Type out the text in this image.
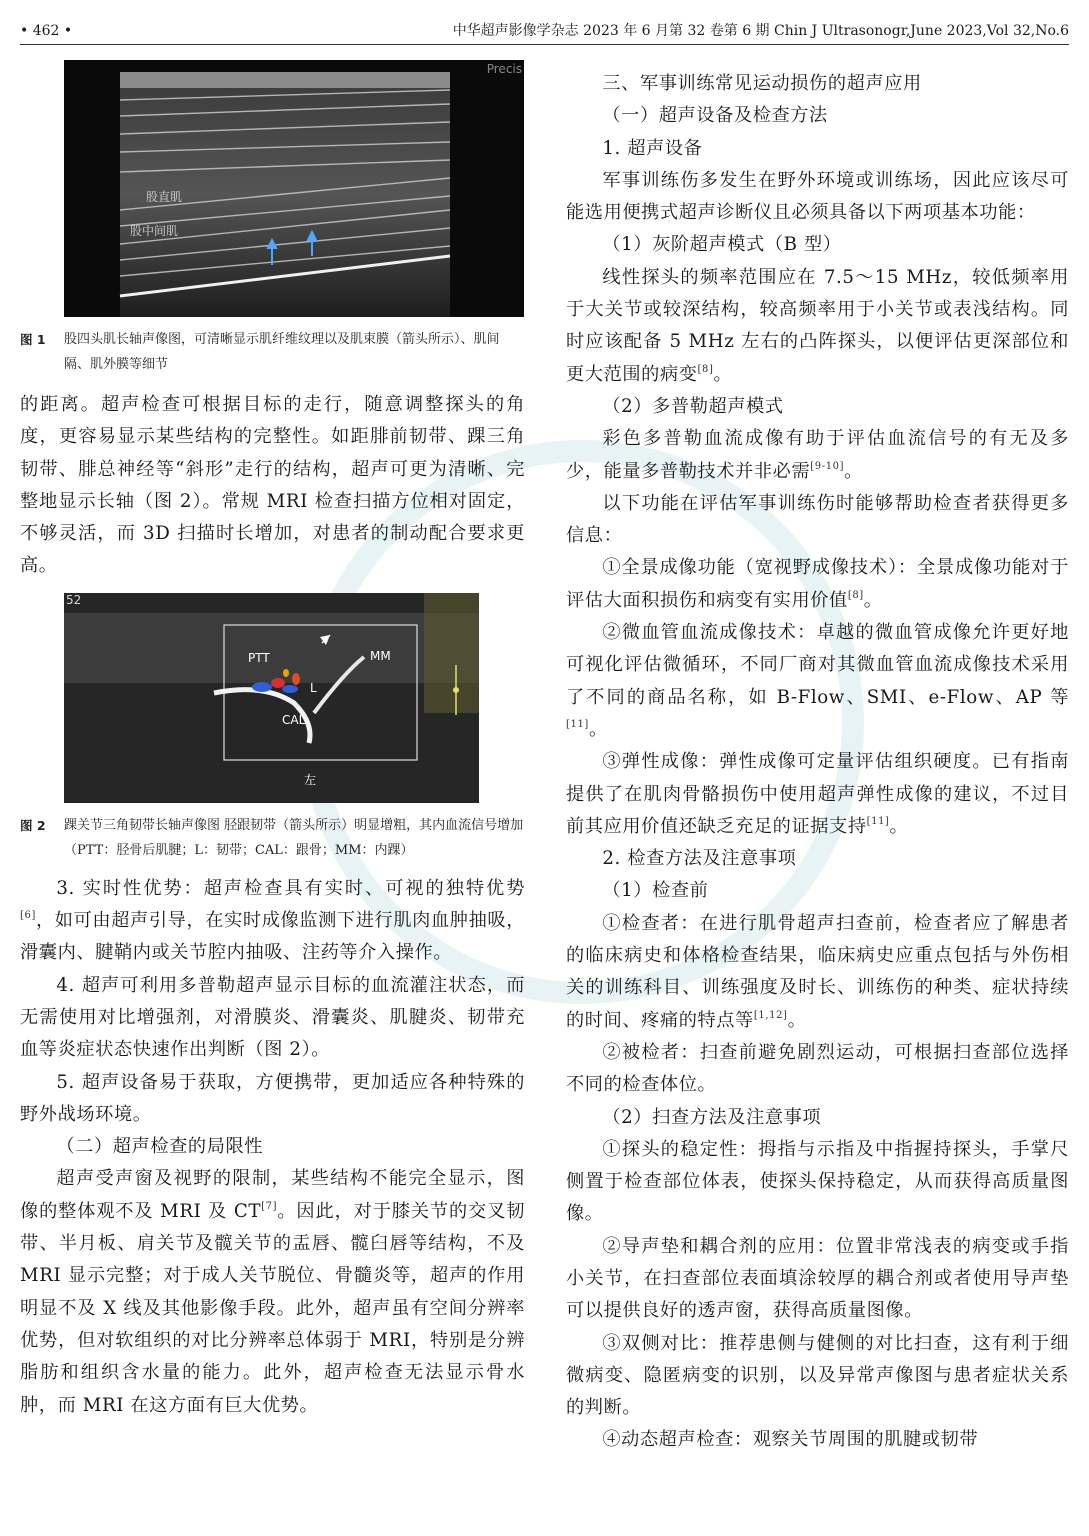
• 462 •	中华超声影像学杂志 2023 年 6 月第 32 卷第 6 期 Chin J Ultrasonogr,June 2023,Vol 32,No.6
Precis
股直肌
股中间肌
图 1 股四头肌长轴声像图，可清晰显示肌纤维纹理以及肌束膜（箭头所示）、肌间隔、肌外膜等细节

的距离。超声检查可根据目标的走行，随意调整探头的角度，更容易显示某些结构的完整性。如距腓前韧带、踝三角韧带、腓总神经等“斜形”走行的结构，超声可更为清晰、完整地显示长轴（图 2）。常规 MRI 检查扫描方位相对固定，不够灵活，而 3D 扫描时长增加，对患者的制动配合要求更高。

52
PTT
L
MM
CAL
左
图 2 踝关节三角韧带长轴声像图 胫跟韧带（箭头所示）明显增粗，其内血流信号增加（PTT：胫骨后肌腱；L：韧带；CAL：跟骨；MM：内踝）

3. 实时性优势：超声检查具有实时、可视的独特优势[6]，如可由超声引导，在实时成像监测下进行肌肉血肿抽吸，滑囊内、腱鞘内或关节腔内抽吸、注药等介入操作。

4. 超声可利用多普勒超声显示目标的血流灌注状态，而无需使用对比增强剂，对滑膜炎、滑囊炎、肌腱炎、韧带充血等炎症状态快速作出判断（图 2）。

5. 超声设备易于获取，方便携带，更加适应各种特殊的野外战场环境。

（二）超声检查的局限性

超声受声窗及视野的限制，某些结构不能完全显示，图像的整体观不及 MRI 及 CT[7]。因此，对于膝关节的交叉韧带、半月板、肩关节及髋关节的盂唇、髋臼唇等结构，不及 MRI 显示完整；对于成人关节脱位、骨髓炎等，超声的作用明显不及 X 线及其他影像手段。此外，超声虽有空间分辨率优势，但对软组织的对比分辨率总体弱于 MRI，特别是分辨脂肪和组织含水量的能力。此外，超声检查无法显示骨水肿，而 MRI 在这方面有巨大优势。

三、军事训练常见运动损伤的超声应用

（一）超声设备及检查方法

1. 超声设备

军事训练伤多发生在野外环境或训练场，因此应该尽可能选用便携式超声诊断仪且必须具备以下两项基本功能：

（1）灰阶超声模式（B 型）

线性探头的频率范围应在 7.5～15 MHz，较低频率用于大关节或较深结构，较高频率用于小关节或表浅结构。同时应该配备 5 MHz 左右的凸阵探头，以便评估更深部位和更大范围的病变[8]。

（2）多普勒超声模式

彩色多普勒血流成像有助于评估血流信号的有无及多少，能量多普勒技术并非必需[9-10]。

以下功能在评估军事训练伤时能够帮助检查者获得更多信息：

①全景成像功能（宽视野成像技术）：全景成像功能对于评估大面积损伤和病变有实用价值[8]。

②微血管血流成像技术：卓越的微血管成像允许更好地可视化评估微循环，不同厂商对其微血管血流成像技术采用了不同的商品名称，如 B-Flow、SMI、e-Flow、AP 等[11]。

③弹性成像：弹性成像可定量评估组织硬度。已有指南提供了在肌肉骨骼损伤中使用超声弹性成像的建议，不过目前其应用价值还缺乏充足的证据支持[11]。

2. 检查方法及注意事项

（1）检查前

①检查者：在进行肌骨超声扫查前，检查者应了解患者的临床病史和体格检查结果，临床病史应重点包括与外伤相关的训练科目、训练强度及时长、训练伤的种类、症状持续的时间、疼痛的特点等[1,12]。

②被检者：扫查前避免剧烈运动，可根据扫查部位选择不同的检查体位。

（2）扫查方法及注意事项

①探头的稳定性：拇指与示指及中指握持探头，手掌尺侧置于检查部位体表，使探头保持稳定，从而获得高质量图像。

②导声垫和耦合剂的应用：位置非常浅表的病变或手指小关节，在扫查部位表面填涂较厚的耦合剂或者使用导声垫可以提供良好的透声窗，获得高质量图像。

③双侧对比：推荐患侧与健侧的对比扫查，这有利于细微病变、隐匿病变的识别，以及异常声像图与患者症状关系的判断。

④动态超声检查：观察关节周围的肌腱或韧带
